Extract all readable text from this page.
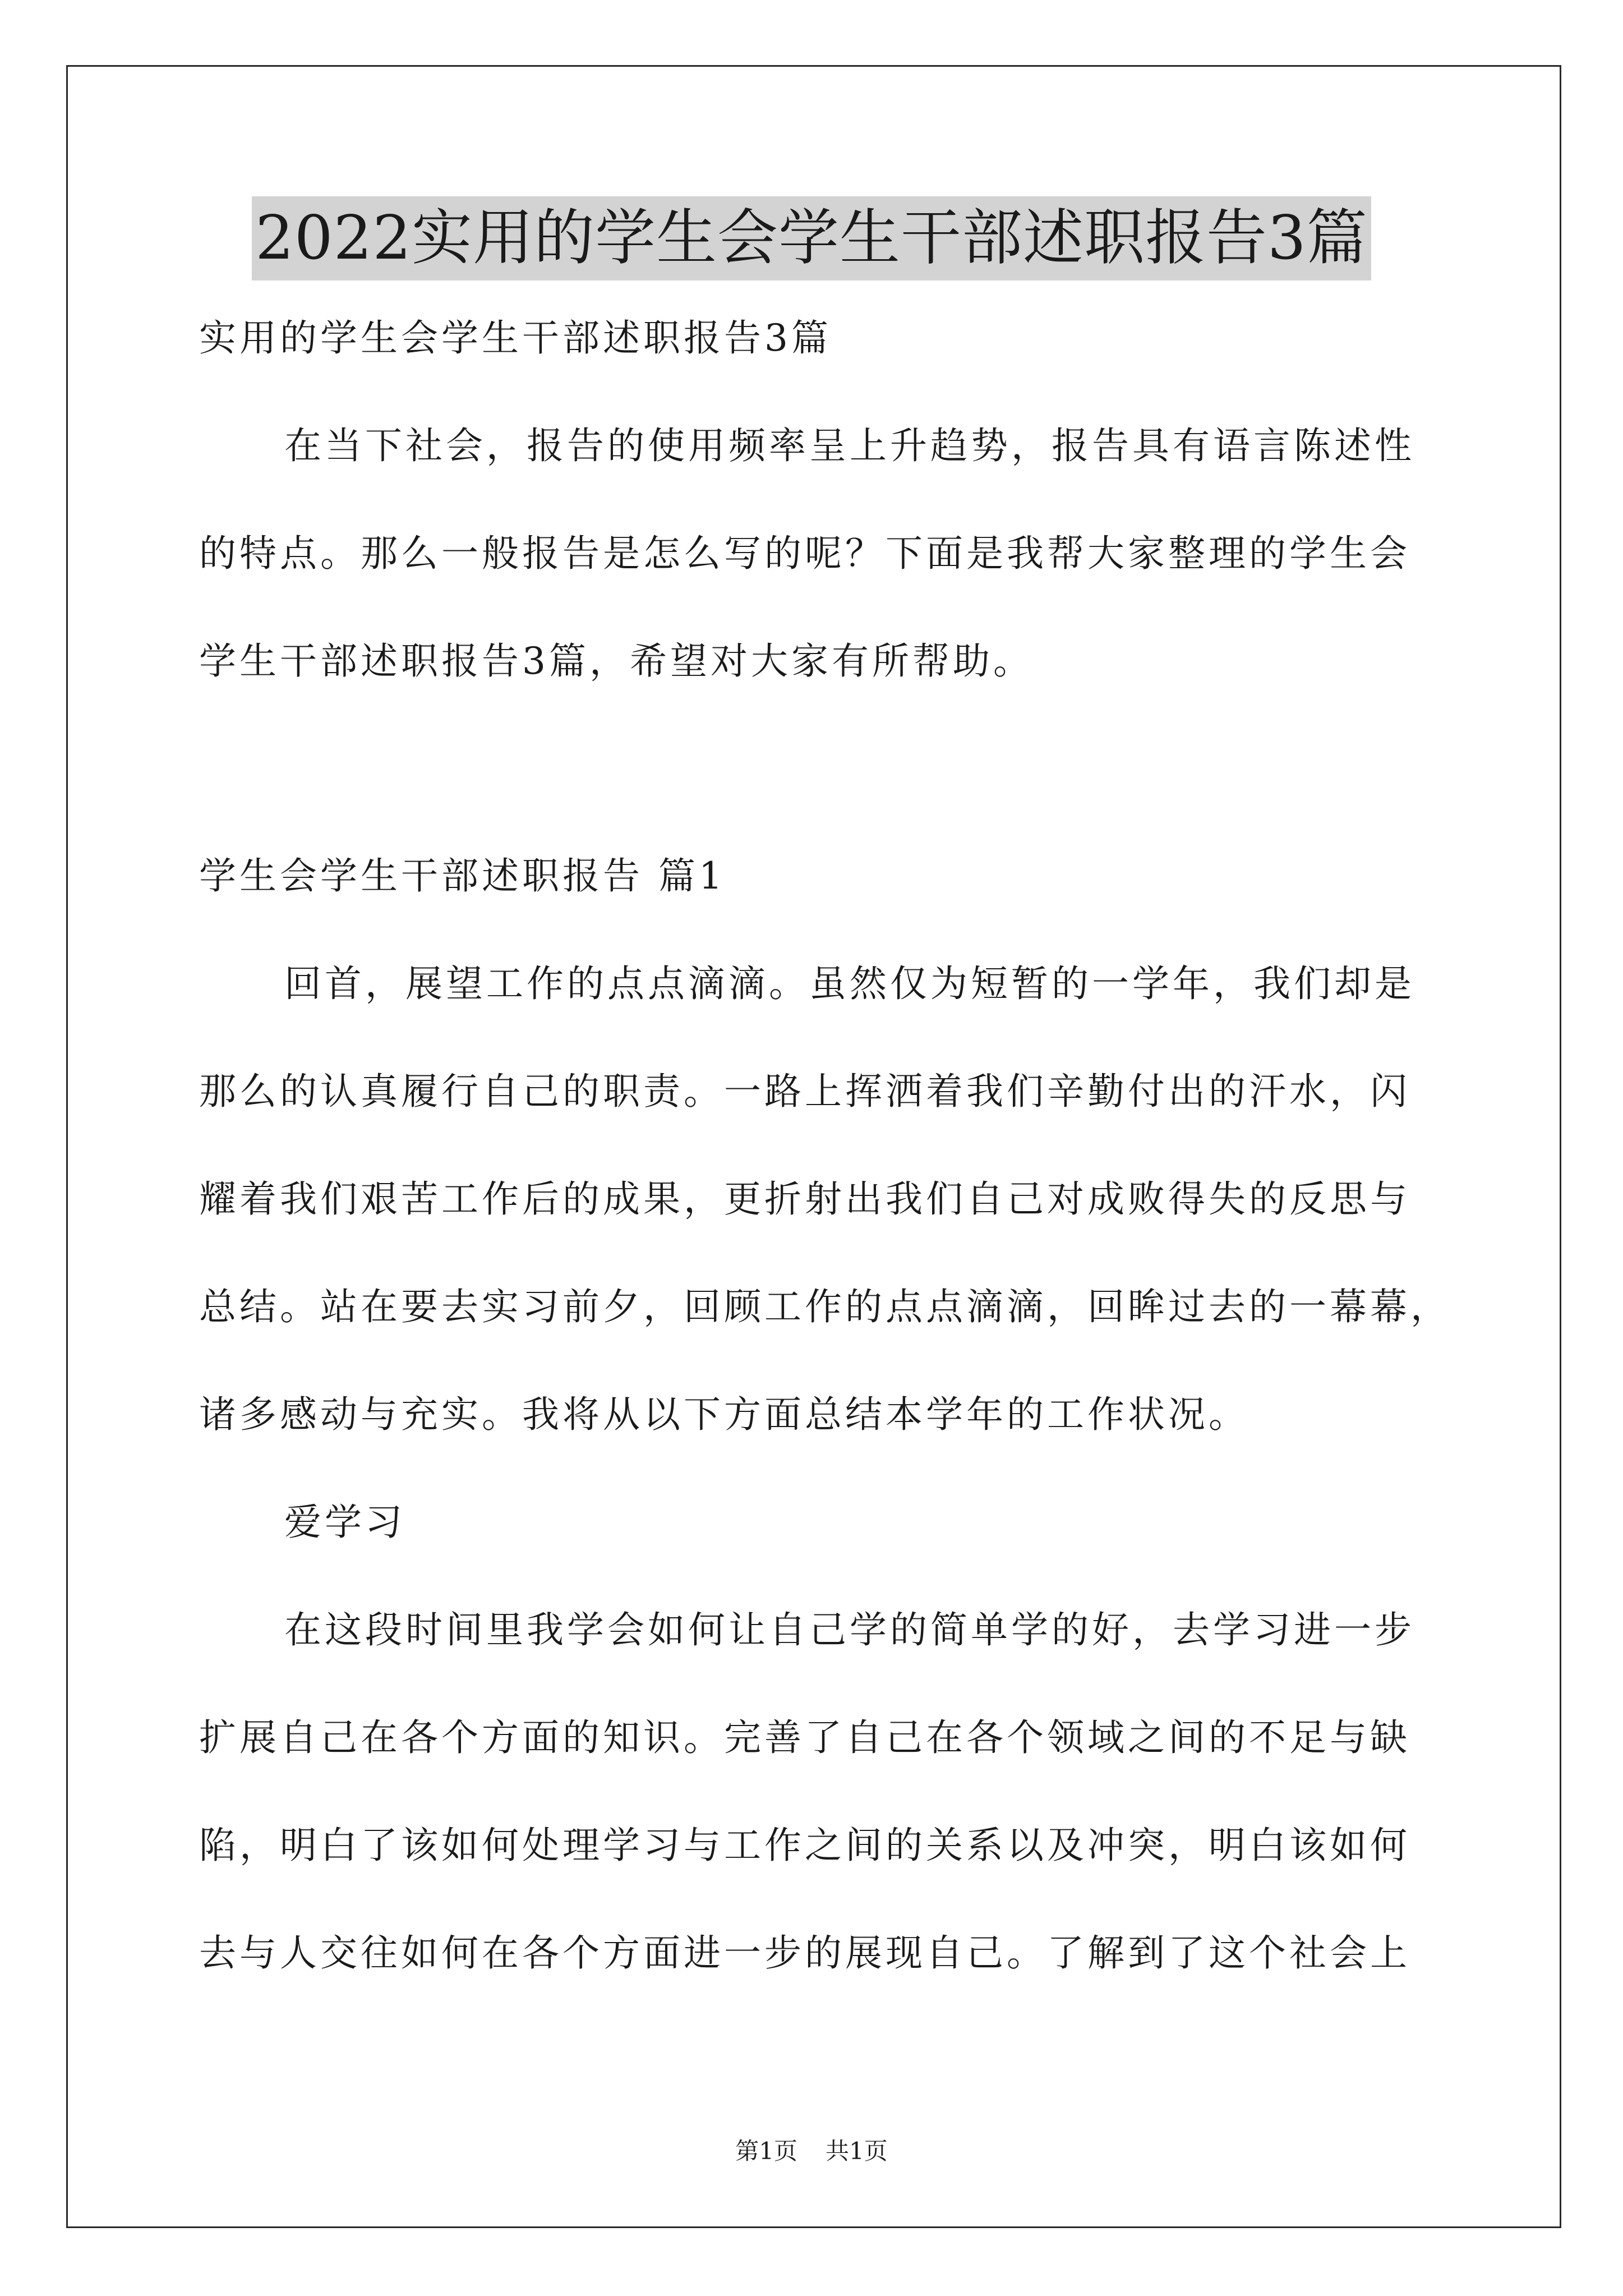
2022实用的学生会学生干部述职报告3篇
实用的学生会学生干部述职报告3篇
在当下社会，报告的使用频率呈上升趋势，报告具有语言陈述性
的特点。那么一般报告是怎么写的呢？下面是我帮大家整理的学生会
学生干部述职报告3篇，希望对大家有所帮助。
学生会学生干部述职报告 篇1
回首，展望工作的点点滴滴。虽然仅为短暂的一学年，我们却是
那么的认真履行自己的职责。一路上挥洒着我们辛勤付出的汗水，闪
耀着我们艰苦工作后的成果，更折射出我们自己对成败得失的反思与
总结。站在要去实习前夕，回顾工作的点点滴滴，回眸过去的一幕幕，
诸多感动与充实。我将从以下方面总结本学年的工作状况。
爱学习
在这段时间里我学会如何让自己学的简单学的好，去学习进一步
扩展自己在各个方面的知识。完善了自己在各个领域之间的不足与缺
陷，明白了该如何处理学习与工作之间的关系以及冲突，明白该如何
去与人交往如何在各个方面进一步的展现自己。了解到了这个社会上
第1页 共1页
